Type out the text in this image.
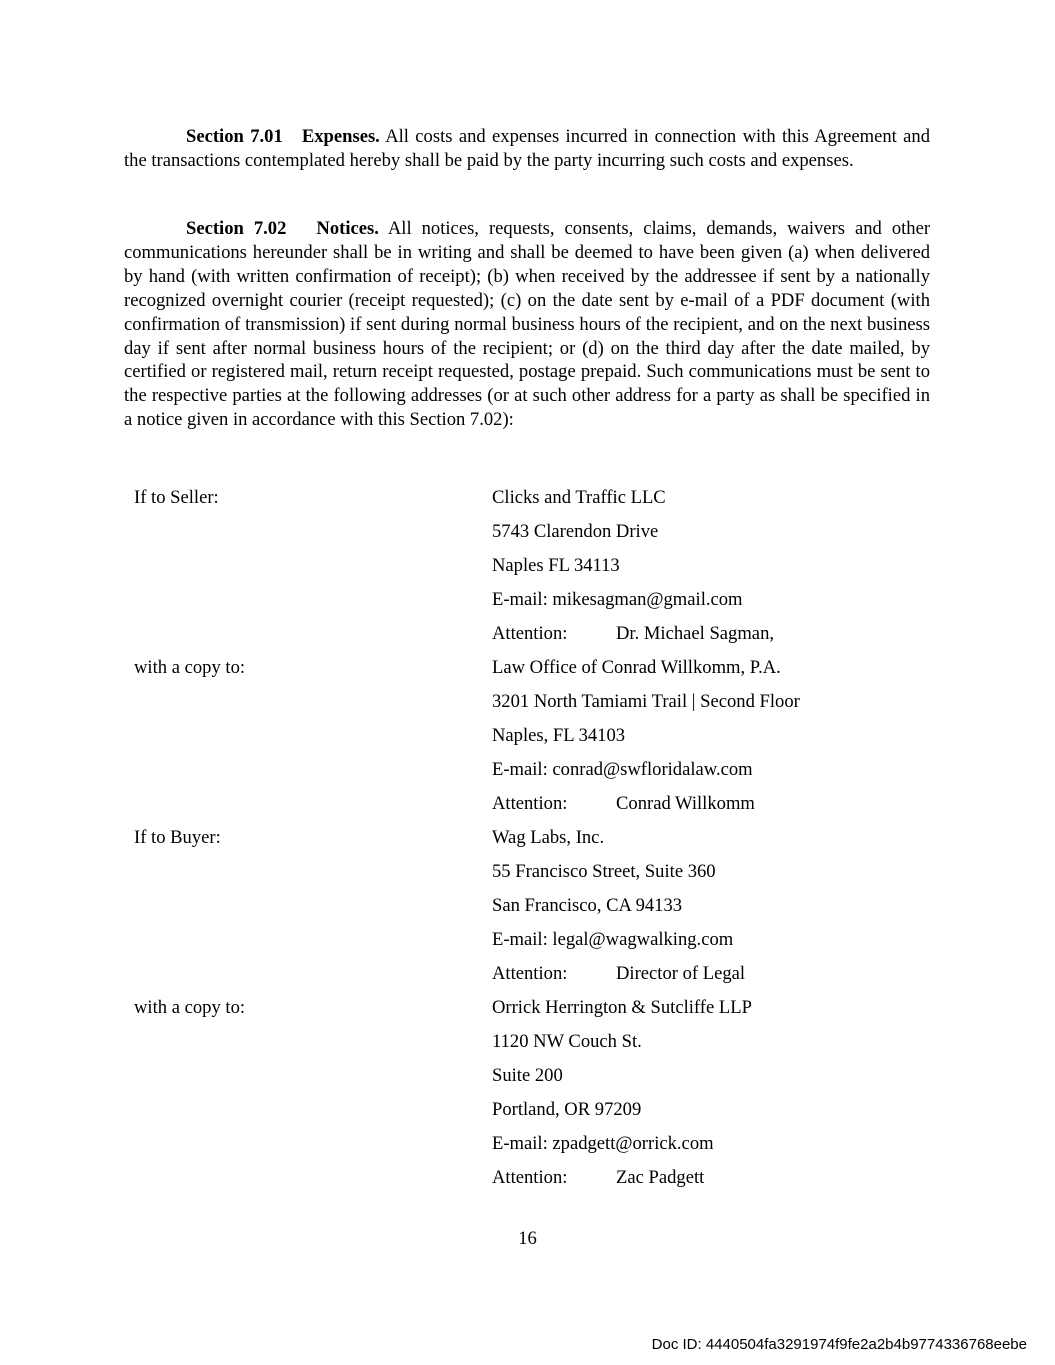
Section 7.01 Expenses. All costs and expenses incurred in connection with this Agreement and the transactions contemplated hereby shall be paid by the party incurring such costs and expenses.

Section 7.02 Notices. All notices, requests, consents, claims, demands, waivers and other communications hereunder shall be in writing and shall be deemed to have been given (a) when delivered by hand (with written confirmation of receipt); (b) when received by the addressee if sent by a nationally recognized overnight courier (receipt requested); (c) on the date sent by e-mail of a PDF document (with confirmation of transmission) if sent during normal business hours of the recipient, and on the next business day if sent after normal business hours of the recipient; or (d) on the third day after the date mailed, by certified or registered mail, return receipt requested, postage prepaid. Such communications must be sent to the respective parties at the following addresses (or at such other address for a party as shall be specified in a notice given in accordance with this Section 7.02):

If to Seller:	Clicks and Traffic LLC
5743 Clarendon Drive
Naples FL 34113
E-mail: mikesagman@gmail.com
Attention:	Dr. Michael Sagman,
with a copy to:	Law Office of Conrad Willkomm, P.A.
3201 North Tamiami Trail | Second Floor
Naples, FL 34103
E-mail: conrad@swfloridalaw.com
Attention:	Conrad Willkomm
If to Buyer:	Wag Labs, Inc.
55 Francisco Street, Suite 360
San Francisco, CA 94133
E-mail: legal@wagwalking.com
Attention:	Director of Legal
with a copy to:	Orrick Herrington & Sutcliffe LLP
1120 NW Couch St.
Suite 200
Portland, OR 97209
E-mail: zpadgett@orrick.com
Attention:	Zac Padgett
16
Doc ID: 4440504fa3291974f9fe2a2b4b9774336768eebe
